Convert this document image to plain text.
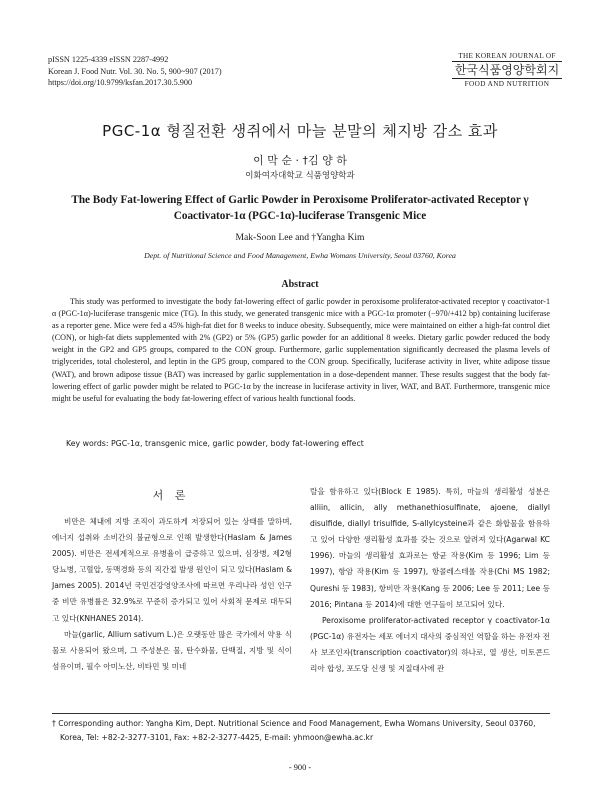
pISSN 1225-4339 eISSN 2287-4992
Korean J. Food Nutr. Vol. 30. No. 5, 900~907 (2017)
https://doi.org/10.9799/ksfan.2017.30.5.900
THE KOREAN JOURNAL OF
한국식품영양학회지
FOOD AND NUTRITION
PGC-1α 형질전환 생쥐에서 마늘 분말의 체지방 감소 효과
이 막 순 · †김 양 하
이화여자대학교 식품영양학과
The Body Fat-lowering Effect of Garlic Powder in Peroxisome Proliferator-activated Receptor γ Coactivator-1α (PGC-1α)-luciferase Transgenic Mice
Mak-Soon Lee and †Yangha Kim
Dept. of Nutritional Science and Food Management, Ewha Womans University, Seoul 03760, Korea
Abstract

This study was performed to investigate the body fat-lowering effect of garlic powder in peroxisome proliferator-activated receptor γ coactivator-1 α (PGC-1α)-luciferase transgenic mice (TG). In this study, we generated transgenic mice with a PGC-1α promoter (−970/+412 bp) containing luciferase as a reporter gene. Mice were fed a 45% high-fat diet for 8 weeks to induce obesity. Subsequently, mice were maintained on either a high-fat control diet (CON), or high-fat diets supplemented with 2% (GP2) or 5% (GP5) garlic powder for an additional 8 weeks. Dietary garlic powder reduced the body weight in the GP2 and GP5 groups, compared to the CON group. Furthermore, garlic supplementation significantly decreased the plasma levels of triglycerides, total cholesterol, and leptin in the GP5 group, compared to the CON group. Specifically, luciferase activity in liver, white adipose tissue (WAT), and brown adipose tissue (BAT) was increased by garlic supplementation in a dose-dependent manner. These results suggest that the body fat-lowering effect of garlic powder might be related to PGC-1α by the increase in luciferase activity in liver, WAT, and BAT. Furthermore, transgenic mice might be useful for evaluating the body fat-lowering effect of various health functional foods.

Key words: PGC-1α, transgenic mice, garlic powder, body fat-lowering effect
서 론

비만은 체내에 지방 조직이 과도하게 저장되어 있는 상태를 말하며, 에너지 섭취와 소비간의 불균형으로 인해 발생한다(Haslam & James 2005). 비만은 전세계적으로 유병율이 급증하고 있으며, 심장병, 제2형 당뇨병, 고혈압, 동맥경화 등의 직간접 발생 원인이 되고 있다(Haslam & James 2005). 2014년 국민건강영양조사에 따르면 우리나라 성인 인구 중 비만 유병률은 32.9%로 꾸준히 증가되고 있어 사회적 문제로 대두되고 있다(KNHANES 2014).

마늘(garlic, Allium sativum L.)은 오랫동안 많은 국가에서 약용 식물로 사용되어 왔으며, 그 주성분은 물, 탄수화물, 단백질, 지방 및 식이 섬유이며, 필수 아미노산, 비타민 및 미네

랄을 함유하고 있다(Block E 1985). 특히, 마늘의 생리활성 성분은 alliin, allicin, ally methanethiosulfinate, ajoene, diallyl disulfide, diallyl trisulfide, S-allylcysteine과 같은 화합물을 함유하고 있어 다양한 생리활성 효과를 갖는 것으로 알려져 있다(Agarwal KC 1996). 마늘의 생리활성 효과로는 항균 작용(Kim 등 1996; Lim 등 1997), 항암 작용(Kim 등 1997), 항콜레스테롤 작용(Chi MS 1982; Qureshi 등 1983), 항비만 작용(Kang 등 2006; Lee 등 2011; Lee 등 2016; Pintana 등 2014)에 대한 연구들이 보고되어 있다.

Peroxisome proliferator-activated receptor γ coactivator-1α (PGC-1α) 유전자는 세포 에너지 대사의 중심적인 역할을 하는 유전자 전사 보조인자(transcription coactivator)의 하나로, 열 생산, 미토콘드리아 합성, 포도당 신생 및 지질대사에 관

† Corresponding author: Yangha Kim, Dept. Nutritional Science and Food Management, Ewha Womans University, Seoul 03760,
Korea, Tel: +82-2-3277-3101, Fax: +82-2-3277-4425, E-mail: yhmoon@ewha.ac.kr
- 900 -
